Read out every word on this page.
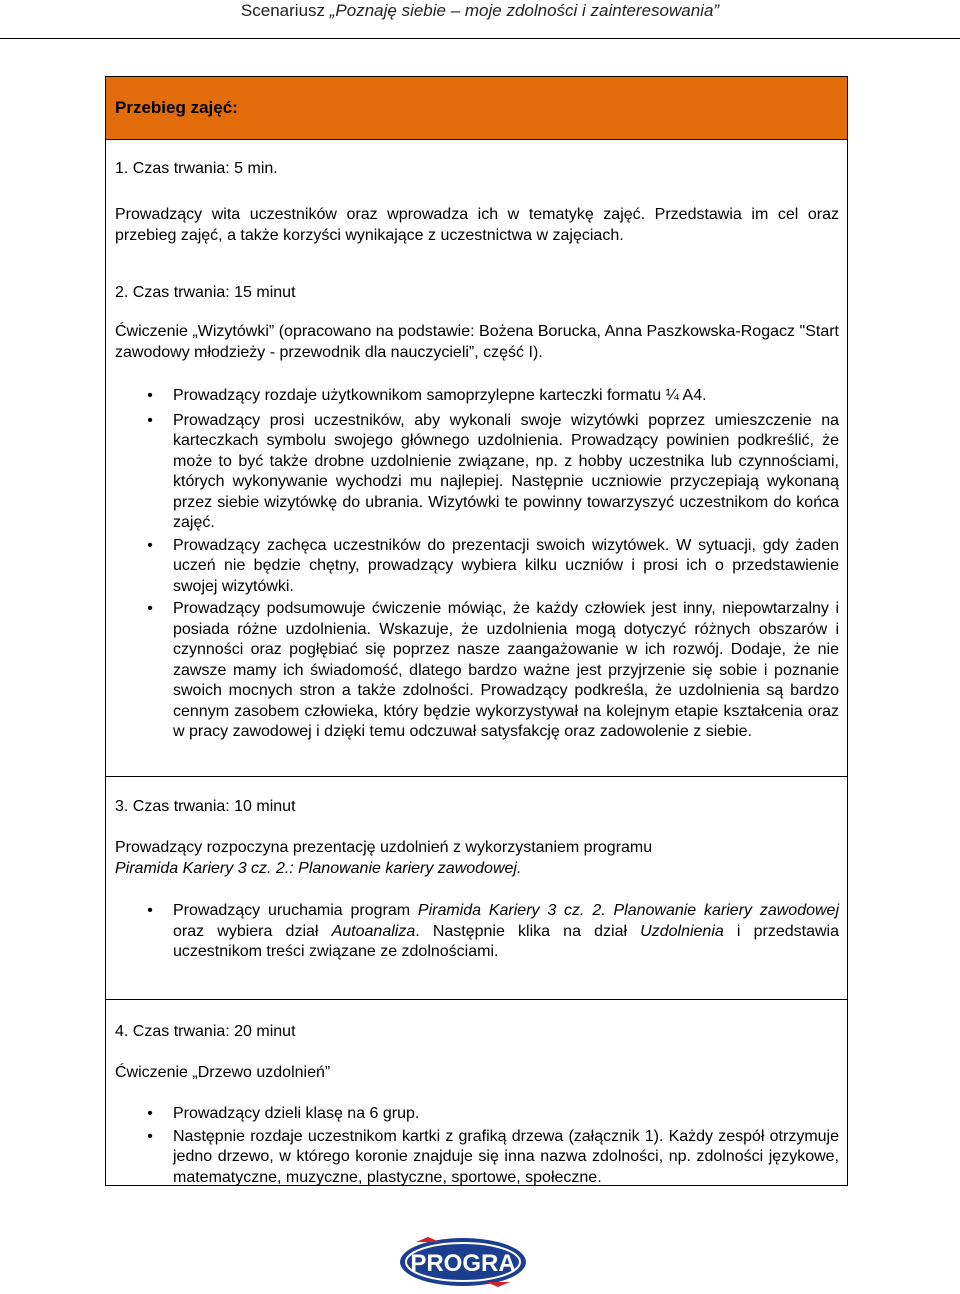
Scenariusz „Poznaję siebie – moje zdolności i zainteresowania”
Przebieg zajęć:
1. Czas trwania: 5 min.
Prowadzący wita uczestników oraz wprowadza ich w tematykę zajęć. Przedstawia im cel oraz przebieg zajęć, a także korzyści wynikające z uczestnictwa w zajęciach.
2. Czas trwania: 15 minut
Ćwiczenie „Wizytówki” (opracowano na podstawie: Bożena Borucka, Anna Paszkowska-Rogacz "Start zawodowy młodzieży - przewodnik dla nauczycieli”, część I).
• Prowadzący rozdaje użytkownikom samoprzylepne karteczki formatu ¼ A4.
• Prowadzący prosi uczestników, aby wykonali swoje wizytówki poprzez umieszczenie na karteczkach symbolu swojego głównego uzdolnienia. Prowadzący powinien podkreślić, że może to być także drobne uzdolnienie związane, np. z hobby uczestnika lub czynnościami, których wykonywanie wychodzi mu najlepiej. Następnie uczniowie przyczepiają wykonaną przez siebie wizytówkę do ubrania. Wizytówki te powinny towarzyszyć uczestnikom do końca zajęć.
• Prowadzący zachęca uczestników do prezentacji swoich wizytówek. W sytuacji, gdy żaden uczeń nie będzie chętny, prowadzący wybiera kilku uczniów i prosi ich o przedstawienie swojej wizytówki.
• Prowadzący podsumowuje ćwiczenie mówiąc, że każdy człowiek jest inny, niepowtarzalny i posiada różne uzdolnienia. Wskazuje, że uzdolnienia mogą dotyczyć różnych obszarów i czynności oraz pogłębiać się poprzez nasze zaangażowanie w ich rozwój. Dodaje, że nie zawsze mamy ich świadomość, dlatego bardzo ważne jest przyjrzenie się sobie i poznanie swoich mocnych stron a także zdolności. Prowadzący podkreśla, że uzdolnienia są bardzo cennym zasobem człowieka, który będzie wykorzystywał na kolejnym etapie kształcenia oraz w pracy zawodowej i dzięki temu odczuwał satysfakcję oraz zadowolenie z siebie.
3. Czas trwania: 10 minut
Prowadzący rozpoczyna prezentację uzdolnień z wykorzystaniem programu
Piramida Kariery 3 cz. 2.: Planowanie kariery zawodowej.
• Prowadzący uruchamia program Piramida Kariery 3 cz. 2. Planowanie kariery zawodowej oraz wybiera dział Autoanaliza. Następnie klika na dział Uzdolnienia i przedstawia uczestnikom treści związane ze zdolnościami.
4. Czas trwania: 20 minut
Ćwiczenie „Drzewo uzdolnień”
• Prowadzący dzieli klasę na 6 grup.
• Następnie rozdaje uczestnikom kartki z grafiką drzewa (załącznik 1). Każdy zespół otrzymuje jedno drzewo, w którego koronie znajduje się inna nazwa zdolności, np. zdolności językowe, matematyczne, muzyczne, plastyczne, sportowe, społeczne.
PROGRA
